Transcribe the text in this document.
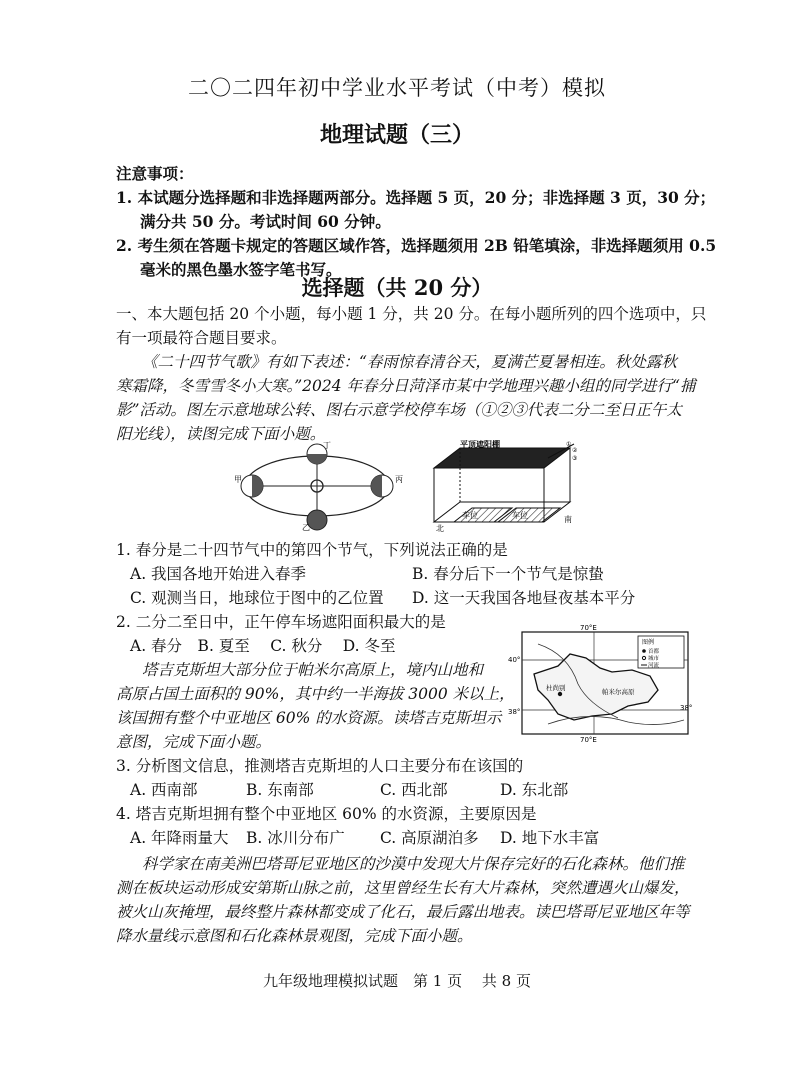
二〇二四年初中学业水平考试（中考）模拟
地理试题（三）
注意事项：
1. 本试题分选择题和非选择题两部分。选择题 5 页，20 分；非选择题 3 页，30 分；
满分共 50 分。考试时间 60 分钟。
2. 考生须在答题卡规定的答题区域作答，选择题须用 2B 铅笔填涂，非选择题须用 0.5
毫米的黑色墨水签字笔书写。
选择题（共 20 分）
一、本大题包括 20 个小题，每小题 1 分，共 20 分。在每小题所列的四个选项中，只
有一项最符合题目要求。
《二十四节气歌》有如下表述：“春雨惊春清谷天，夏满芒夏暑相连。秋处露秋
寒霜降，冬雪雪冬小大寒。”2024 年春分日菏泽市某中学地理兴趣小组的同学进行“捕
影”活动。图左示意地球公转、图右示意学校停车场（①②③代表二分二至日正午太
阳光线），读图完成下面小题。
丁
甲	丙
乙
平顶遮阳棚
车位	车位
北
南
①
②
③
1. 春分是二十四节气中的第四个节气，下列说法正确的是
A. 我国各地开始进入春季	B. 春分后下一个节气是惊蛰
C. 观测当日，地球位于图中的乙位置 D. 这一天我国各地昼夜基本平分
2. 二分二至日中，正午停车场遮阳面积最大的是
A. 春分　B. 夏至　 C. 秋分　 D. 冬至
塔吉克斯坦大部分位于帕米尔高原上，境内山地和
高原占国土面积的 90%，其中约一半海拔 3000 米以上，
该国拥有整个中亚地区 60% 的水资源。读塔吉克斯坦示
意图，完成下面小题。
70°E
70°E
40°
38°	38°
图例
首都
城市
河流
杜尚别	帕米尔高原
3. 分析图文信息，推测塔吉克斯坦的人口主要分布在该国的
A. 西南部	B. 东南部	C. 西北部	D. 东北部
4. 塔吉克斯坦拥有整个中亚地区 60% 的水资源，主要原因是
A. 年降雨量大 B. 冰川分布广 C. 高原湖泊多 D. 地下水丰富
科学家在南美洲巴塔哥尼亚地区的沙漠中发现大片保存完好的石化森林。他们推
测在板块运动形成安第斯山脉之前，这里曾经生长有大片森林，突然遭遇火山爆发，
被火山灰掩埋，最终整片森林都变成了化石，最后露出地表。读巴塔哥尼亚地区年等
降水量线示意图和石化森林景观图，完成下面小题。
九年级地理模拟试题　第 1 页　 共 8 页
